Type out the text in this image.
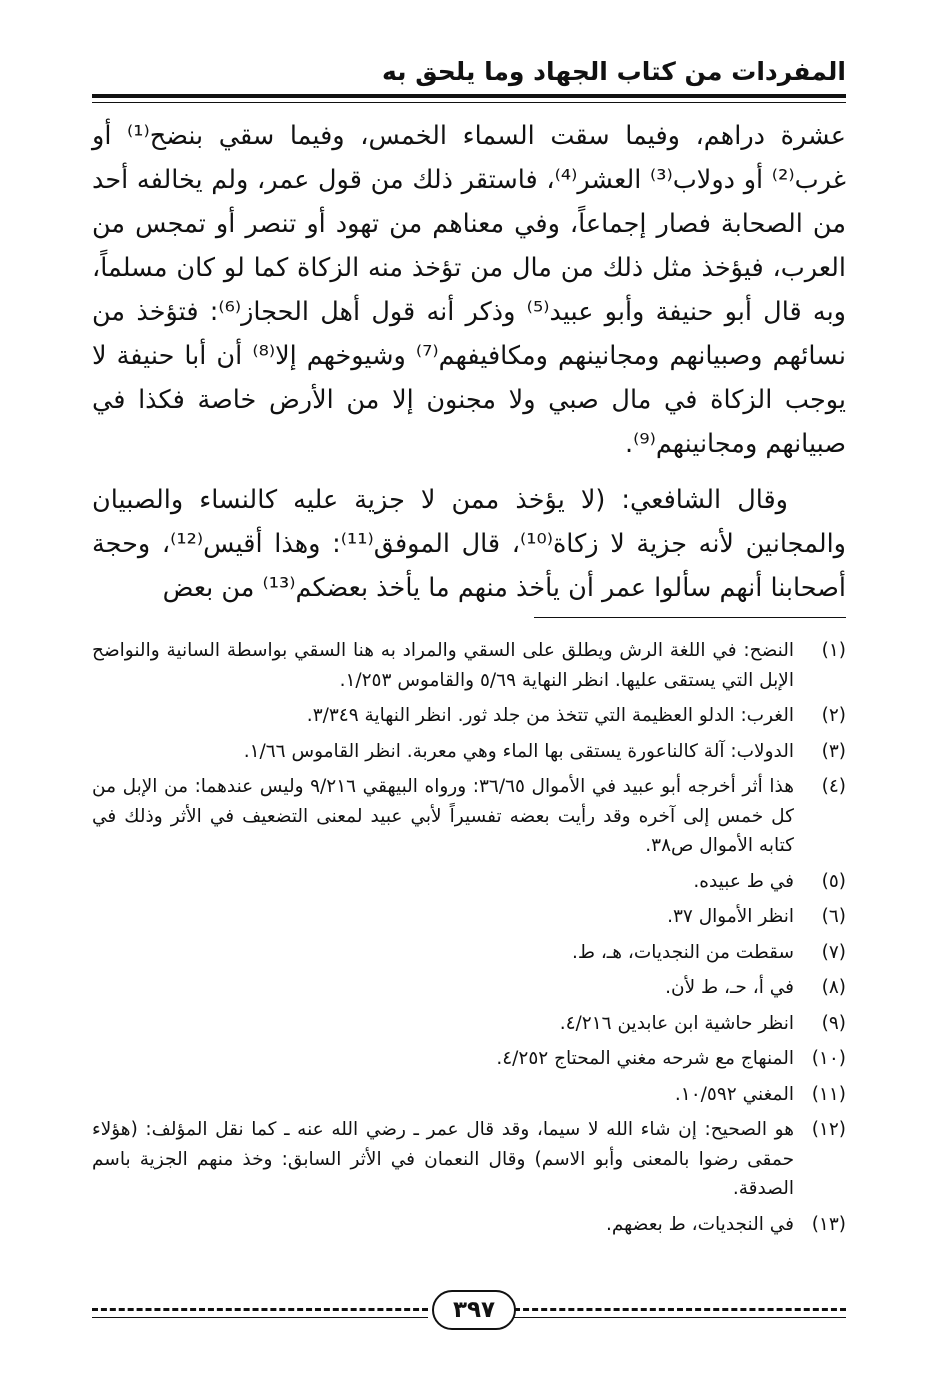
المفردات من كتاب الجهاد وما يلحق به

عشرة دراهم، وفيما سقت السماء الخمس، وفيما سقي بنضح⁽¹⁾ أو غرب⁽²⁾ أو دولاب⁽³⁾ العشر⁽⁴⁾، فاستقر ذلك من قول عمر، ولم يخالفه أحد من الصحابة فصار إجماعاً، وفي معناهم من تهود أو تنصر أو تمجس من العرب، فيؤخذ مثل ذلك من مال من تؤخذ منه الزكاة كما لو كان مسلماً، وبه قال أبو حنيفة وأبو عبيد⁽⁵⁾ وذكر أنه قول أهل الحجاز⁽⁶⁾: فتؤخذ من نسائهم وصبيانهم ومجانينهم ومكافيفهم⁽⁷⁾ وشيوخهم إلا⁽⁸⁾ أن أبا حنيفة لا يوجب الزكاة في مال صبي ولا مجنون إلا من الأرض خاصة فكذا في صبيانهم ومجانينهم⁽⁹⁾.

وقال الشافعي: (لا يؤخذ ممن لا جزية عليه كالنساء والصبيان والمجانين لأنه جزية لا زكاة⁽¹⁰⁾، قال الموفق⁽¹¹⁾: وهذا أقيس⁽¹²⁾، وحجة أصحابنا أنهم سألوا عمر أن يأخذ منهم ما يأخذ بعضكم⁽¹³⁾ من بعض

(١)
النضح: في اللغة الرش ويطلق على السقي والمراد به هنا السقي بواسطة السانية والنواضح الإبل التي يستقى عليها. انظر النهاية ٥/٦٩ والقاموس ١/٢٥٣.
(٢)
الغرب: الدلو العظيمة التي تتخذ من جلد ثور. انظر النهاية ٣/٣٤٩.
(٣)
الدولاب: آلة كالناعورة يستقى بها الماء وهي معربة. انظر القاموس ١/٦٦.
(٤)
هذا أثر أخرجه أبو عبيد في الأموال ٣٦/٦٥: ورواه البيهقي ٩/٢١٦ وليس عندهما: من الإبل من كل خمس إلى آخره وقد رأيت بعضه تفسيراً لأبي عبيد لمعنى التضعيف في الأثر وذلك في كتابه الأموال ص٣٨.
(٥)
في ط عبيده.
(٦)
انظر الأموال ٣٧.
(٧)
سقطت من النجديات، هـ، ط.
(٨)
في أ، حـ، ط لأن.
(٩)
انظر حاشية ابن عابدين ٤/٢١٦.
(١٠)
المنهاج مع شرحه مغني المحتاج ٤/٢٥٢.
(١١)
المغني ١٠/٥٩٢.
(١٢)
هو الصحيح: إن شاء الله لا سيما، وقد قال عمر ـ رضي الله عنه ـ كما نقل المؤلف: (هؤلاء حمقى رضوا بالمعنى وأبو الاسم) وقال النعمان في الأثر السابق: وخذ منهم الجزية باسم الصدقة.
(١٣)
في النجديات، ط بعضهم.
٣٩٧
